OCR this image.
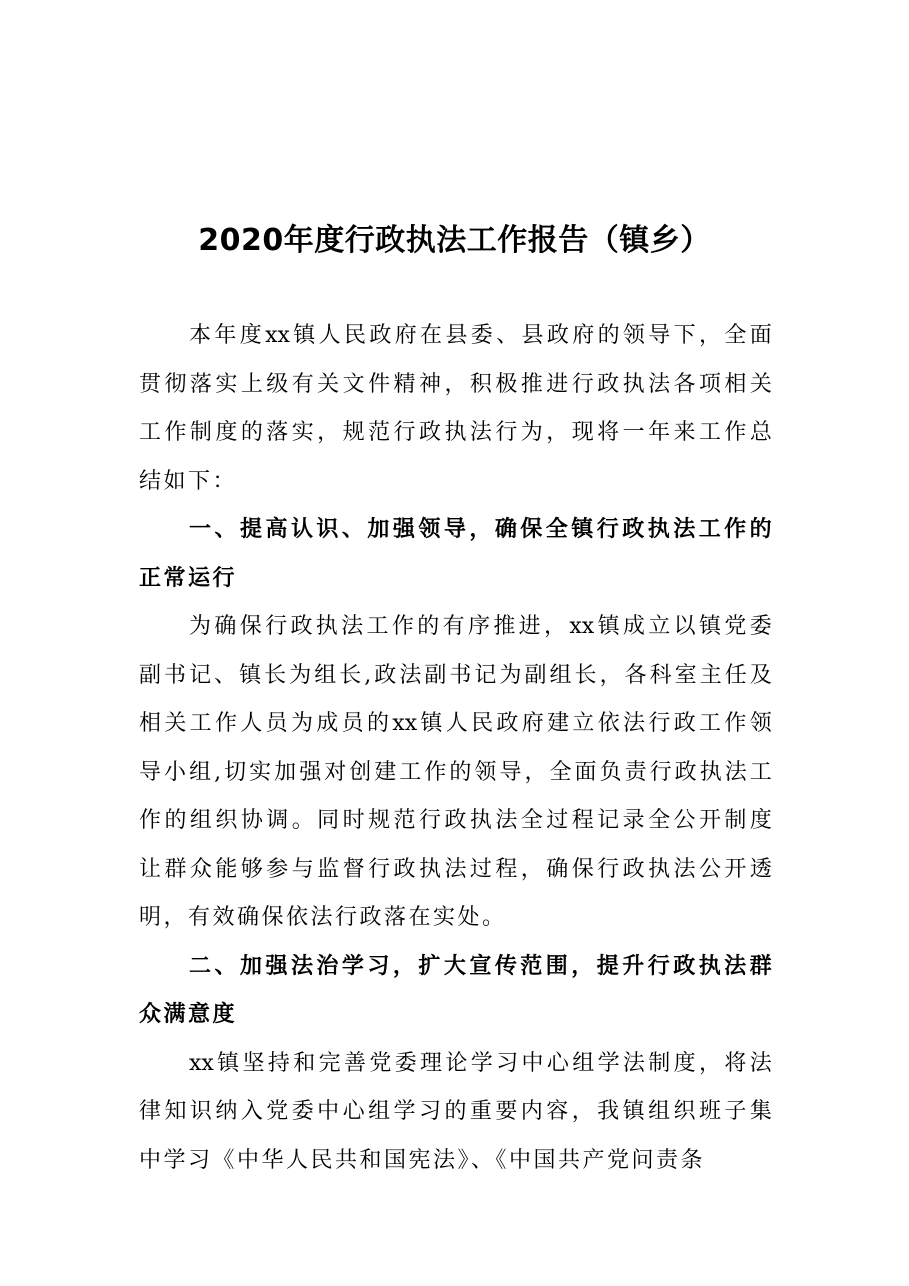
2020年度行政执法工作报告（镇乡）
本 年 度 xx 镇 人 民 政 府 在 县 委 、 县 政 府 的 领 导 下 ， 全 面
贯 彻 落 实 上 级 有 关 文 件 精 神 ， 积 极 推 进 行 政 执 法 各 项 相 关
工 作 制 度 的 落 实 ， 规 范 行 政 执 法 行 为 ， 现 将 一 年 来 工 作 总
结如下：
一 、 提 高 认 识 、 加 强 领 导 ， 确 保 全 镇 行 政 执 法 工 作 的
正常运行
为 确 保 行 政 执 法 工 作 的 有 序 推 进 ， xx 镇 成 立 以 镇 党 委
副 书 记 、 镇 长 为 组 长 , 政 法 副 书 记 为 副 组 长 ， 各 科 室 主 任 及
相 关 工 作 人 员 为 成 员 的 xx 镇 人 民 政 府 建 立 依 法 行 政 工 作 领
导 小 组 , 切 实 加 强 对 创 建 工 作 的 领 导 ， 全 面 负 责 行 政 执 法 工
作 的 组 织 协 调 。 同 时 规 范 行 政 执 法 全 过 程 记 录 全 公 开 制 度
让 群 众 能 够 参 与 监 督 行 政 执 法 过 程 ， 确 保 行 政 执 法 公 开 透
明，有效确保依法行政落在实处。
二 、 加 强 法 治 学 习 ， 扩 大 宣 传 范 围 ， 提 升 行 政 执 法 群
众满意度
xx 镇 坚 持 和 完 善 党 委 理 论 学 习 中 心 组 学 法 制 度 ， 将 法
律 知 识 纳 入 党 委 中 心 组 学 习 的 重 要 内 容 ， 我 镇 组 织 班 子 集
中学习《中华人民共和国宪法》、《中国共产党问责条
